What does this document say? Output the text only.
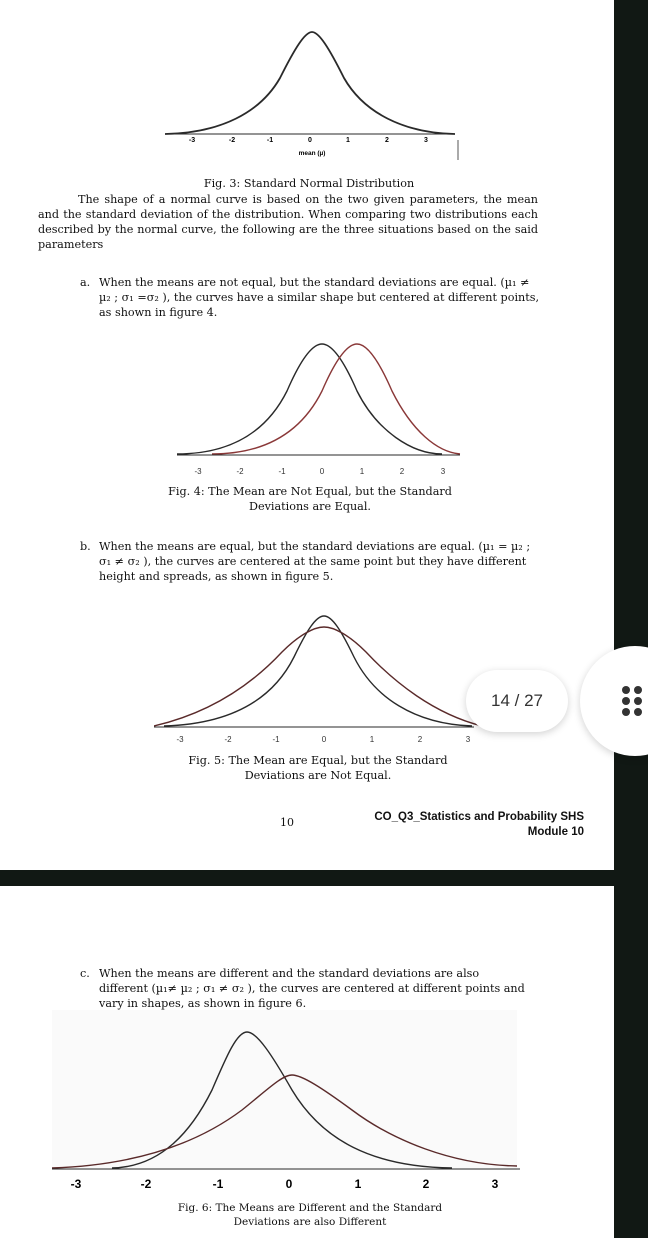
-3	-2	-1	0	1	2	3
mean (µ)
Fig. 3: Standard Normal Distribution
The shape of a normal curve is based on the two given parameters, the mean and the standard deviation of the distribution. When comparing two distributions each described by the normal curve, the following are the three situations based on the said parameters
a. When the means are not equal, but the standard deviations are equal. (µ₁ ≠ µ₂ ; σ₁ =σ₂ ), the curves have a similar shape but centered at different points, as shown in figure 4.
-3	-2	-1	0	1	2	3
Fig. 4: The Mean are Not Equal, but the Standard
Deviations are Equal.
b. When the means are equal, but the standard deviations are equal. (µ₁ = µ₂ ; σ₁ ≠ σ₂ ), the curves are centered at the same point but they have different height and spreads, as shown in figure 5.
-3	-2	-1	0	1	2	3
Fig. 5: The Mean are Equal, but the Standard
Deviations are Not Equal.
10	CO_Q3_Statistics and Probability SHS
Module 10
c. When the means are different and the standard deviations are also different (µ₁≠ µ₂ ; σ₁ ≠ σ₂ ), the curves are centered at different points and vary in shapes, as shown in figure 6.
-3	-2	-1	0	1	2	3
Fig. 6: The Means are Different and the Standard
Deviations are also Different
14 / 27
